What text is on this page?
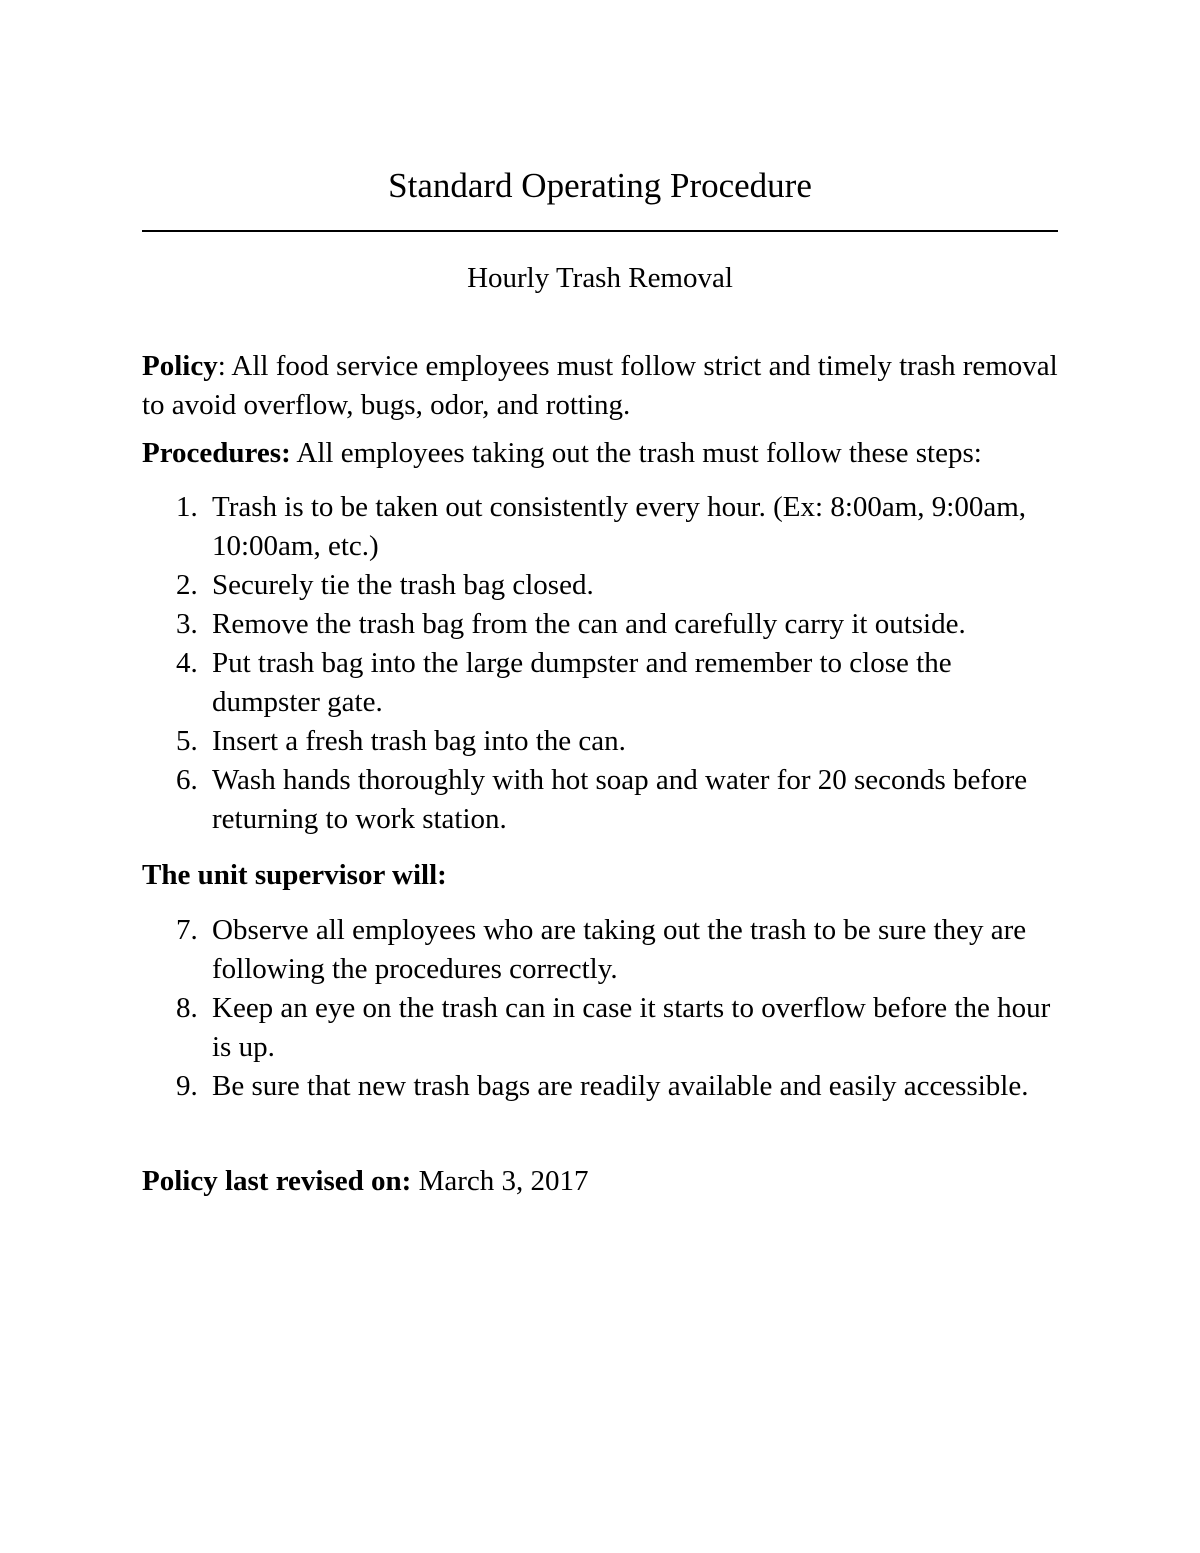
Standard Operating Procedure
Hourly Trash Removal
Policy: All food service employees must follow strict and timely trash removal to avoid overflow, bugs, odor, and rotting.
Procedures: All employees taking out the trash must follow these steps:
1. Trash is to be taken out consistently every hour. (Ex: 8:00am, 9:00am, 10:00am, etc.)
2. Securely tie the trash bag closed.
3. Remove the trash bag from the can and carefully carry it outside.
4. Put trash bag into the large dumpster and remember to close the dumpster gate.
5. Insert a fresh trash bag into the can.
6. Wash hands thoroughly with hot soap and water for 20 seconds before returning to work station.
The unit supervisor will:
7. Observe all employees who are taking out the trash to be sure they are following the procedures correctly.
8. Keep an eye on the trash can in case it starts to overflow before the hour is up.
9. Be sure that new trash bags are readily available and easily accessible.
Policy last revised on: March 3, 2017
